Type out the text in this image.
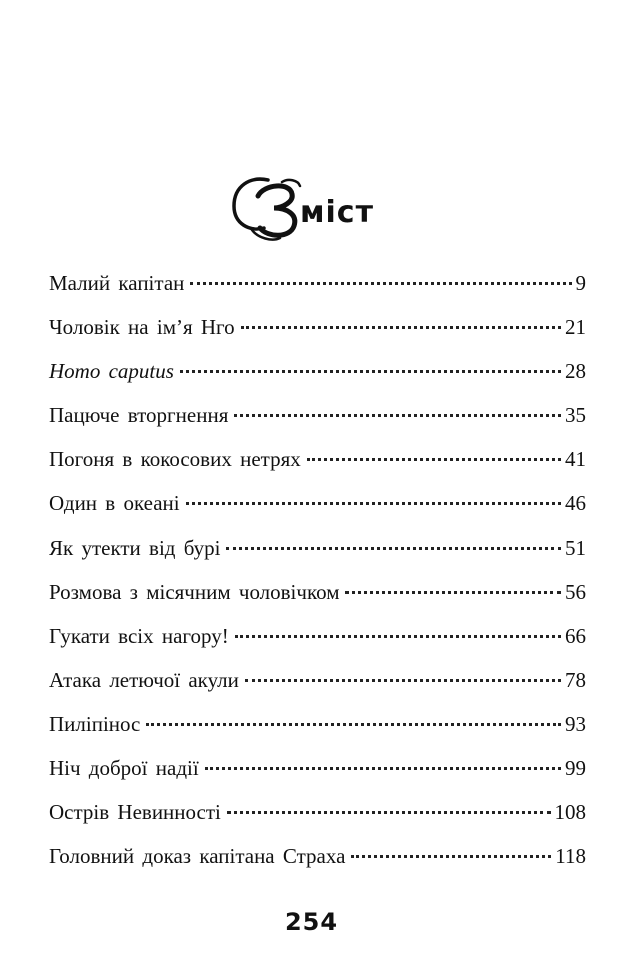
міст
Малий капітан	9
Чоловік на ім’я Нго	21
Homo caputus	28
Пацюче вторгнення	35
Погоня в кокосових нетрях	41
Один в океані	46
Як утекти від бурі	51
Розмова з місячним чоловічком	56
Гукати всіх нагору!	66
Атака летючої акули	78
Пиліпінос	93
Ніч доброї надії	99
Острів Невинності	108
Головний доказ капітана Страха	118
254
